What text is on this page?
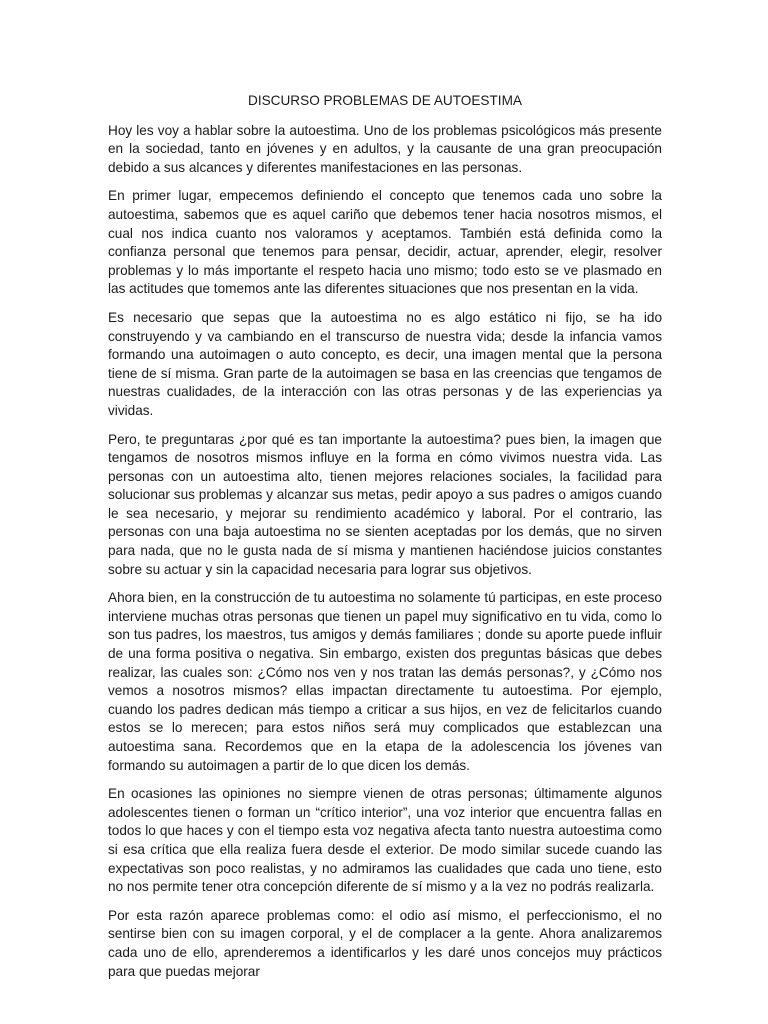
DISCURSO PROBLEMAS DE AUTOESTIMA

Hoy les voy a hablar sobre la autoestima. Uno de los problemas psicológicos más presente en la sociedad, tanto en jóvenes y en adultos, y la causante de una gran preocupación debido a sus alcances y diferentes manifestaciones en las personas.

En primer lugar, empecemos definiendo el concepto que tenemos cada uno sobre la autoestima, sabemos que es aquel cariño que debemos tener hacia nosotros mismos, el cual nos indica cuanto nos valoramos y aceptamos. También está definida como la confianza personal que tenemos para pensar, decidir, actuar, aprender, elegir, resolver problemas y lo más importante el respeto hacia uno mismo; todo esto se ve plasmado en las actitudes que tomemos ante las diferentes situaciones que nos presentan en la vida.

Es necesario que sepas que la autoestima no es algo estático ni fijo, se ha ido construyendo y va cambiando en el transcurso de nuestra vida; desde la infancia vamos formando una autoimagen o auto concepto, es decir, una imagen mental que la persona tiene de sí misma. Gran parte de la autoimagen se basa en las creencias que tengamos de nuestras cualidades, de la interacción con las otras personas y de las experiencias ya vividas.

Pero, te preguntaras ¿por qué es tan importante la autoestima? pues bien, la imagen que tengamos de nosotros mismos influye en la forma en cómo vivimos nuestra vida. Las personas con un autoestima alto, tienen mejores relaciones sociales, la facilidad para solucionar sus problemas y alcanzar sus metas, pedir apoyo a sus padres o amigos cuando le sea necesario, y mejorar su rendimiento académico y laboral. Por el contrario, las personas con una baja autoestima no se sienten aceptadas por los demás, que no sirven para nada, que no le gusta nada de sí misma y mantienen haciéndose juicios constantes sobre su actuar y sin la capacidad necesaria para lograr sus objetivos.

Ahora bien, en la construcción de tu autoestima no solamente tú participas, en este proceso interviene muchas otras personas que tienen un papel muy significativo en tu vida, como lo son tus padres, los maestros, tus amigos y demás familiares ; donde su aporte puede influir de una forma positiva o negativa. Sin embargo, existen dos preguntas básicas que debes realizar, las cuales son: ¿Cómo nos ven y nos tratan las demás personas?, y ¿Cómo nos vemos a nosotros mismos? ellas impactan directamente tu autoestima. Por ejemplo, cuando los padres dedican más tiempo a criticar a sus hijos, en vez de felicitarlos cuando estos se lo merecen; para estos niños será muy complicados que establezcan una autoestima sana. Recordemos que en la etapa de la adolescencia los jóvenes van formando su autoimagen a partir de lo que dicen los demás.

En ocasiones las opiniones no siempre vienen de otras personas; últimamente algunos adolescentes tienen o forman un “crítico interior”, una voz interior que encuentra fallas en todos lo que haces y con el tiempo esta voz negativa afecta tanto nuestra autoestima como si esa crítica que ella realiza fuera desde el exterior. De modo similar sucede cuando las expectativas son poco realistas, y no admiramos las cualidades que cada uno tiene, esto no nos permite tener otra concepción diferente de sí mismo y a la vez no podrás realizarla.

Por esta razón aparece problemas como: el odio así mismo, el perfeccionismo, el no sentirse bien con su imagen corporal, y el de complacer a la gente. Ahora analizaremos cada uno de ello, aprenderemos a identificarlos y les daré unos concejos muy prácticos para que puedas mejorar
